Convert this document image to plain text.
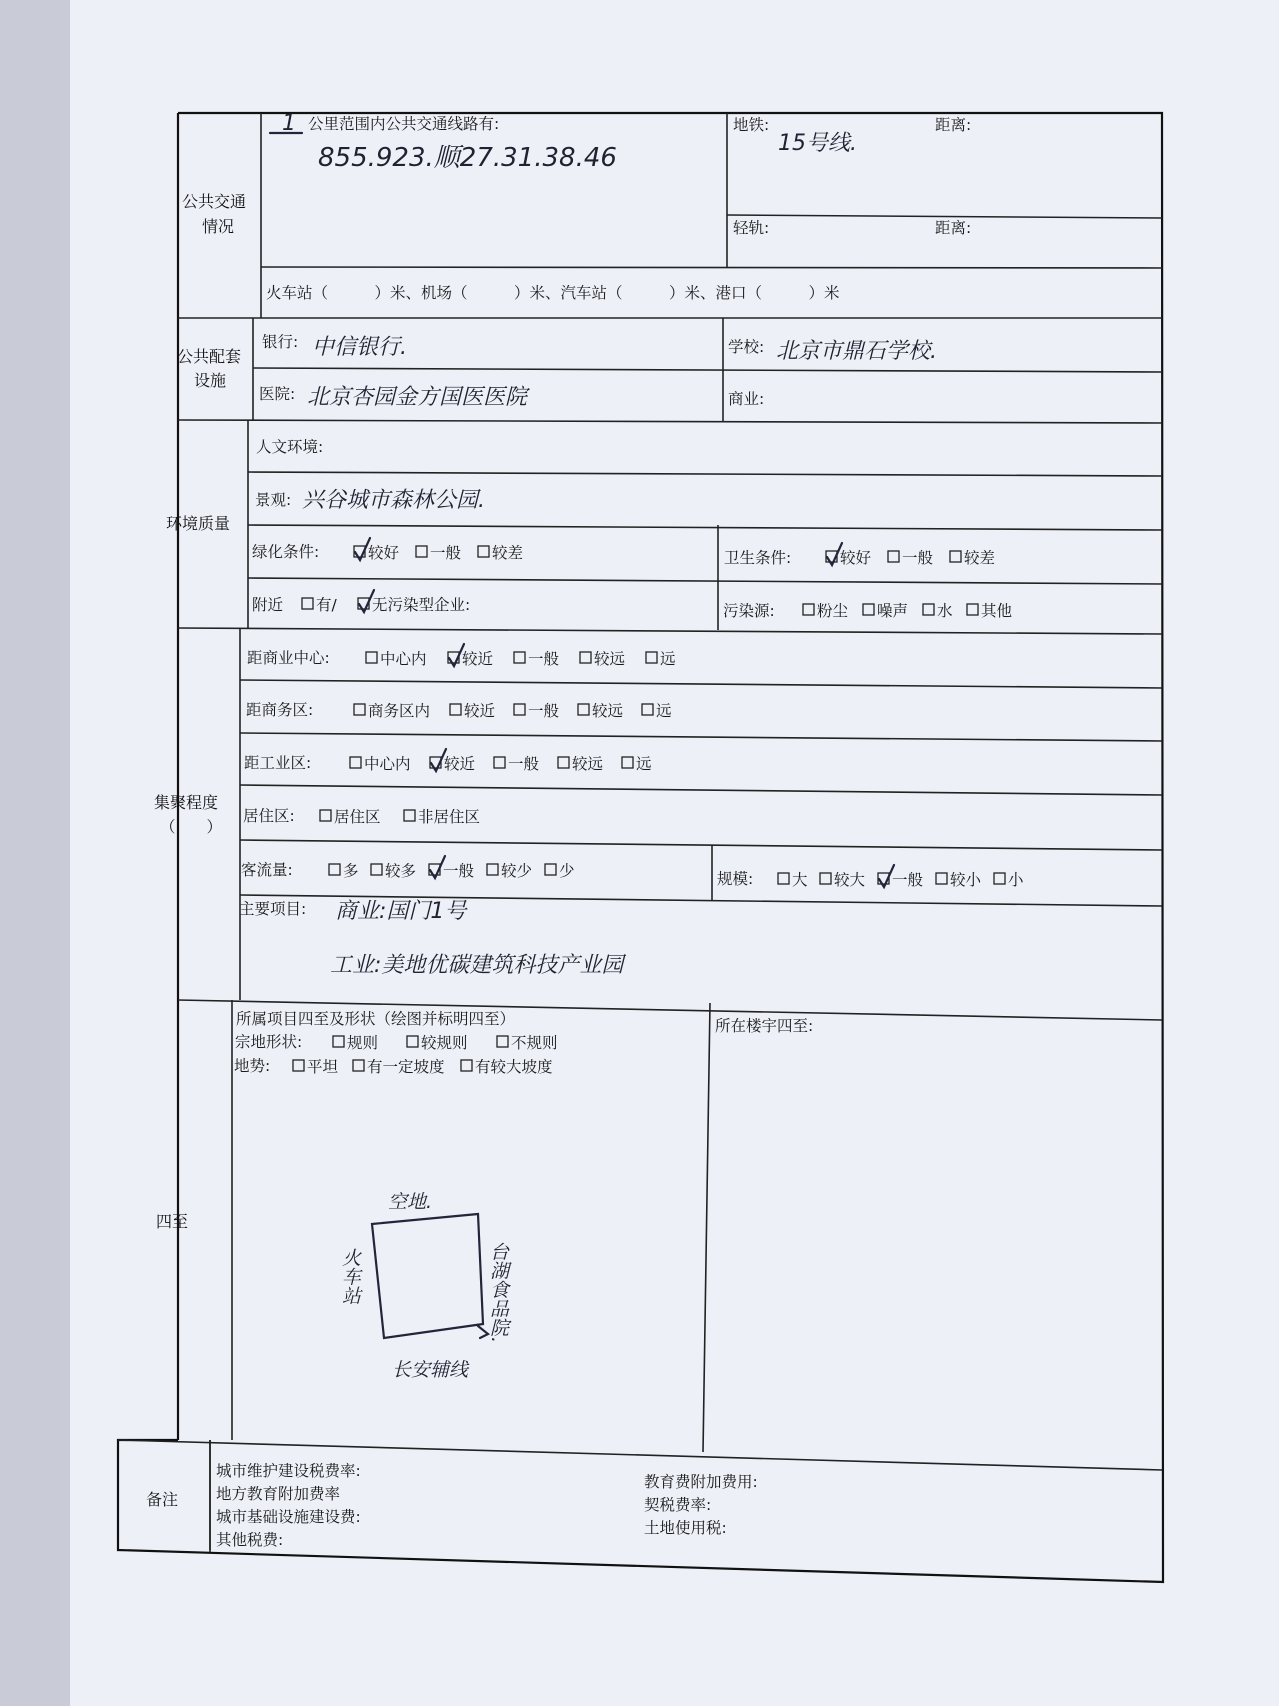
公共交通
情况
1 公里范围内公共交通线路有:
855.923.顺27.31.38.46
地铁:
15号线.
距离:
轻轨:	距离:
火车站（　　　）米、机场（　　　）米、汽车站（　　　）米、港口（　　　）米
公共配套
设施
银行: 中信银行.	学校: 北京市鼎石学校.
医院: 北京杏园金方国医医院	商业:
环境质量
人文环境:
景观: 兴谷城市森林公园.
绿化条件:	较好 一般 较差	卫生条件:	较好 一般 较差
附近 有/ 无污染型企业:	污染源:	粉尘 噪声 水 其他
集聚程度
（　　）
距商业中心:	中心内 较近 一般 较远 远
距商务区:	商务区内 较近 一般 较远 远
距工业区:	中心内 较近 一般 较远 远
居住区:	居住区 非居住区
客流量:	多 较多 一般 较少 少	规模:	大 较大 一般 较小 小
主要项目: 商业:国门1号
工业:美地优碳建筑科技产业园
四至
所属项目四至及形状（绘图并标明四至）
宗地形状:	规则	较规则	不规则
地势: 平坦 有一定坡度 有较大坡度
所在楼宇四至:
空地.
台湖食品院.
火车站
长安辅线
备注
城市维护建设税费率:
地方教育附加费率
城市基础设施建设费:
其他税费:
教育费附加费用:
契税费率:
土地使用税:
